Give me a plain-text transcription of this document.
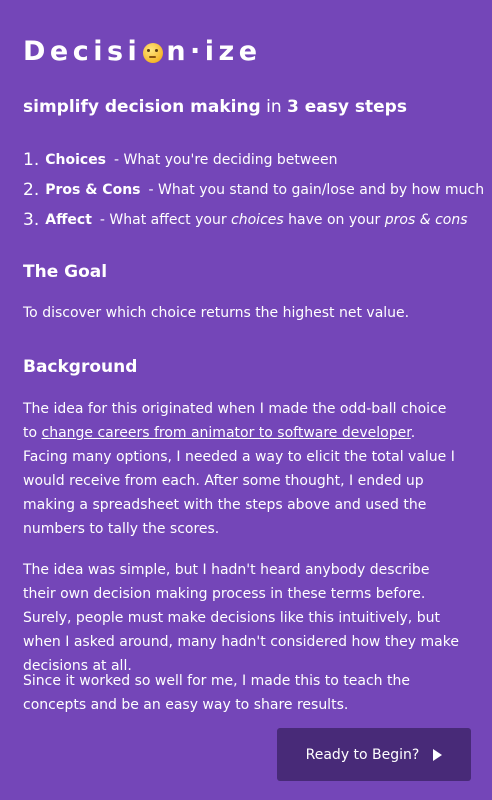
Decisi n·ize
simplify decision making in 3 easy steps
1. Choices - What you're deciding between
2. Pros & Cons - What you stand to gain/lose and by how much
3. Affect - What affect your choices have on your pros & cons
The Goal

To discover which choice returns the highest net value.

Background

The idea for this originated when I made the odd-ball choice to change careers from animator to software developer. Facing many options, I needed a way to elicit the total value I would receive from each. After some thought, I ended up making a spreadsheet with the steps above and used the numbers to tally the scores.

The idea was simple, but I hadn't heard anybody describe their own decision making process in these terms before. Surely, people must make decisions like this intuitively, but when I asked around, many hadn't considered how they make decisions at all.

Since it worked so well for me, I made this to teach the concepts and be an easy way to share results.

Ready to Begin?
